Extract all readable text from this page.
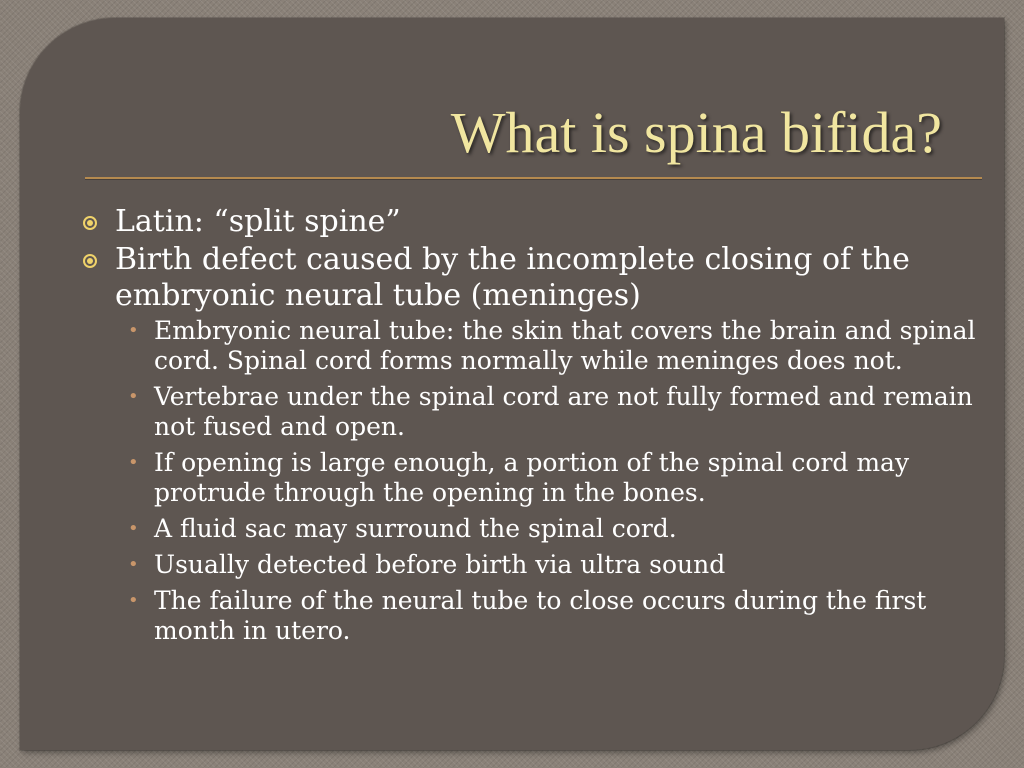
What is spina bifida?
Latin: “split spine”
Birth defect caused by the incomplete closing of the embryonic neural tube (meninges)
• Embryonic neural tube: the skin that covers the brain and spinal cord. Spinal cord forms normally while meninges does not.
• Vertebrae under the spinal cord are not fully formed and remain not fused and open.
• If opening is large enough, a portion of the spinal cord may protrude through the opening in the bones.
• A fluid sac may surround the spinal cord.
• Usually detected before birth via ultra sound
• The failure of the neural tube to close occurs during the first month in utero.
